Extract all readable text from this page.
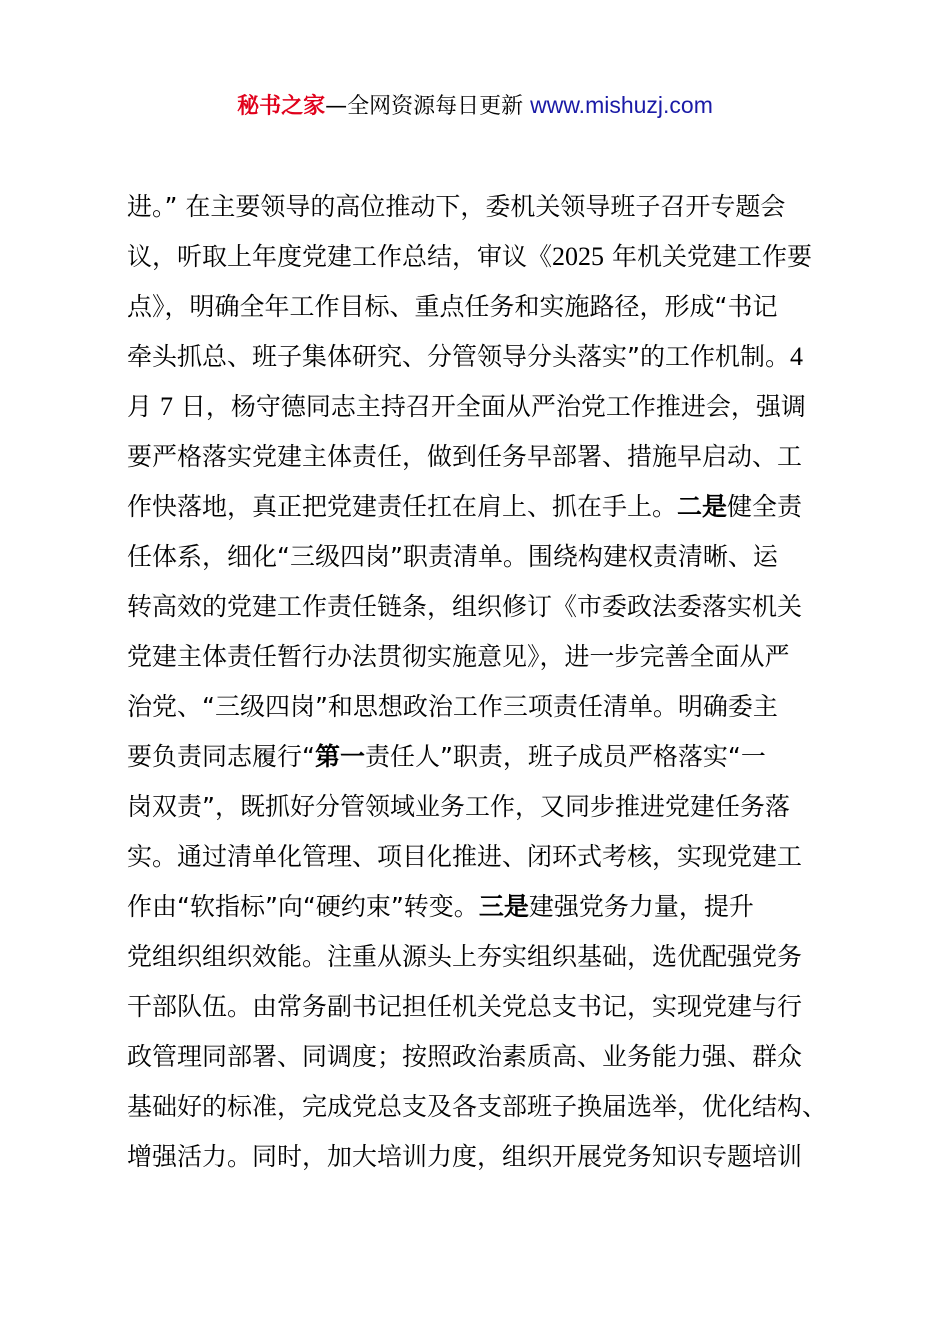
秘书之家—全网资源每日更新 www.mishuzj.com
进。” 在主要领导的高位推动下，委机关领导班子召开专题会
议，听取上年度党建工作总结，审议《2025 年机关党建工作要
点》，明确全年工作目标、重点任务和实施路径，形成“书记
牵头抓总、班子集体研究、分管领导分头落实”的工作机制。4
月 7 日，杨守德同志主持召开全面从严治党工作推进会，强调
要严格落实党建主体责任，做到任务早部署、措施早启动、工
作快落地，真正把党建责任扛在肩上、抓在手上。二是健全责
任体系，细化“三级四岗”职责清单。围绕构建权责清晰、运
转高效的党建工作责任链条，组织修订《市委政法委落实机关
党建主体责任暂行办法贯彻实施意见》，进一步完善全面从严
治党、“三级四岗”和思想政治工作三项责任清单。明确委主
要负责同志履行“第一责任人”职责，班子成员严格落实“一
岗双责”，既抓好分管领域业务工作，又同步推进党建任务落
实。通过清单化管理、项目化推进、闭环式考核，实现党建工
作由“软指标”向“硬约束”转变。三是建强党务力量，提升
党组织组织效能。注重从源头上夯实组织基础，选优配强党务
干部队伍。由常务副书记担任机关党总支书记，实现党建与行
政管理同部署、同调度；按照政治素质高、业务能力强、群众
基础好的标准，完成党总支及各支部班子换届选举，优化结构、
增强活力。同时，加大培训力度，组织开展党务知识专题培训
